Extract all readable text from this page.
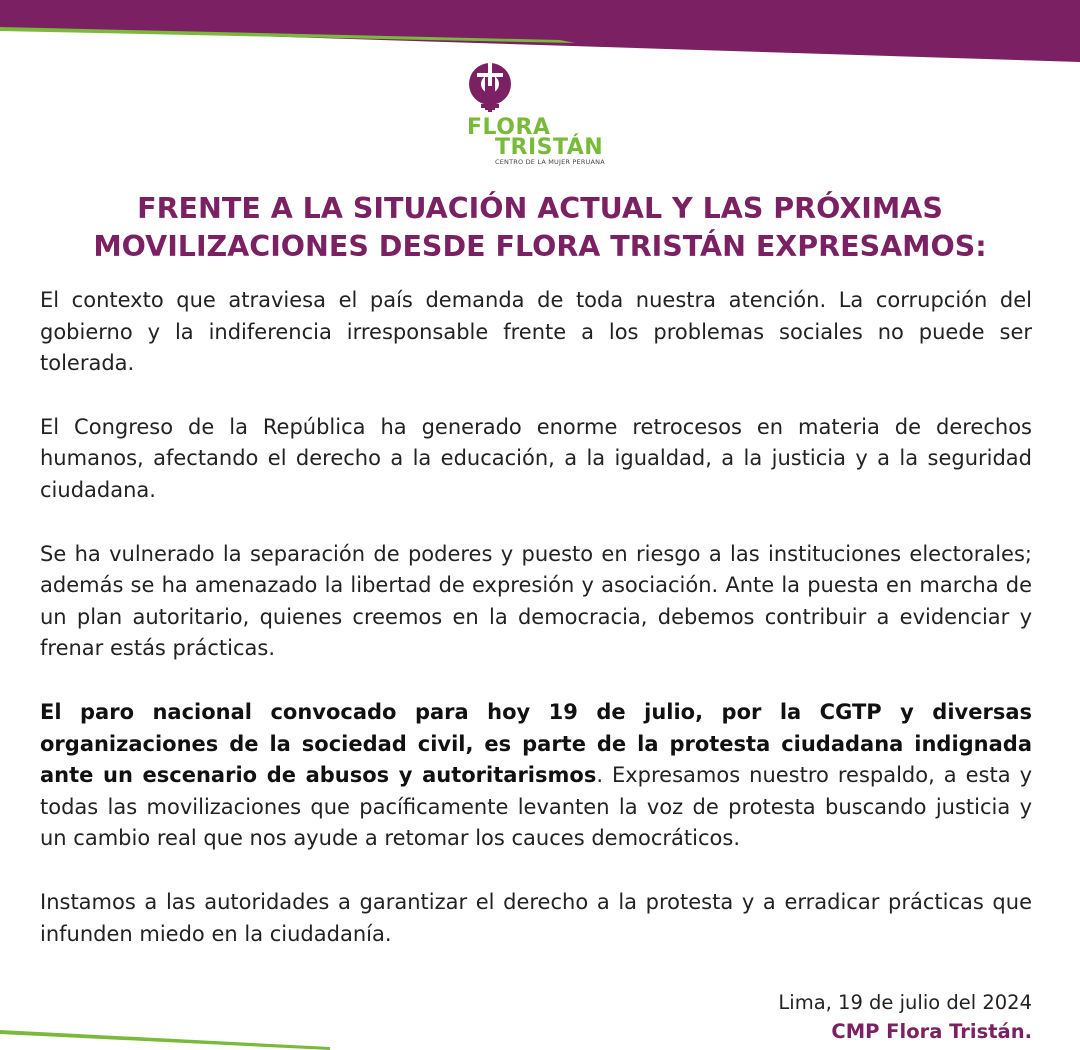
FLORA
TRISTÁN
CENTRO DE LA MUJER PERUANA
FRENTE A LA SITUACIÓN ACTUAL Y LAS PRÓXIMAS
MOVILIZACIONES DESDE FLORA TRISTÁN EXPRESAMOS:

El contexto que atraviesa el país demanda de toda nuestra atención. La corrupción del gobierno y la indiferencia irresponsable frente a los problemas sociales no puede ser tolerada.

El Congreso de la República ha generado enorme retrocesos en materia de derechos humanos, afectando el derecho a la educación, a la igualdad, a la justicia y a la seguridad ciudadana.

Se ha vulnerado la separación de poderes y puesto en riesgo a las instituciones electorales; además se ha amenazado la libertad de expresión y asociación. Ante la puesta en marcha de un plan autoritario, quienes creemos en la democracia, debemos contribuir a evidenciar y frenar estás prácticas.

El paro nacional convocado para hoy 19 de julio, por la CGTP y diversas organizaciones de la sociedad civil, es parte de la protesta ciudadana indignada ante un escenario de abusos y autoritarismos. Expresamos nuestro respaldo, a esta y todas las movilizaciones que pacíficamente levanten la voz de protesta buscando justicia y un cambio real que nos ayude a retomar los cauces democráticos.

Instamos a las autoridades a garantizar el derecho a la protesta y a erradicar prácticas que infunden miedo en la ciudadanía.

Lima, 19 de julio del 2024
CMP Flora Tristán.
